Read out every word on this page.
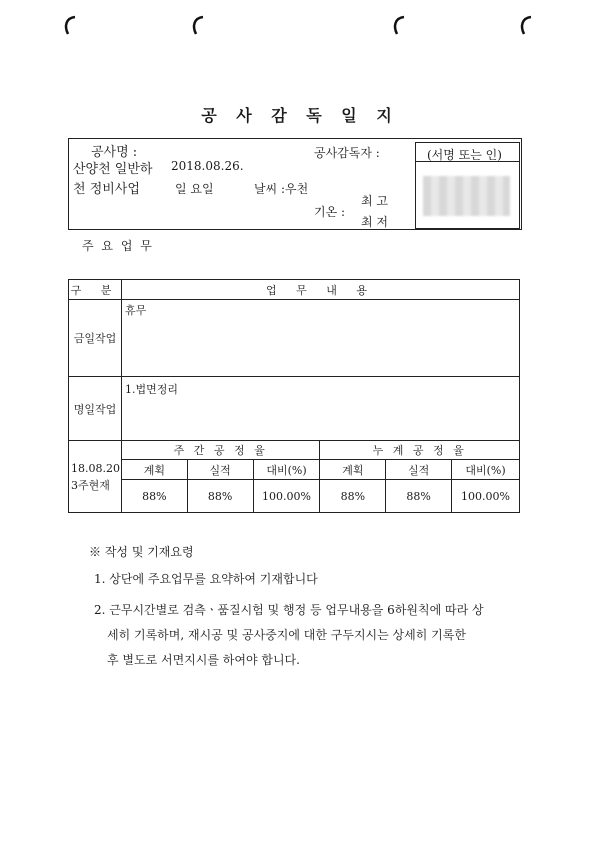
공 사 감 독 일 지
공사명 :
산양천 일반하
천 정비사업
2018.08.26.
일 요일	날씨 :우천
공사감독자 :	(서명 또는 인)
기온 :
최 고
최 저
주 요 업 무
구 분	업 무 내 용					
금일작업	휴무					
명일작업	1.법면정리					

18.08.20
3주현재	주 간 공 정 율			누 계 공 정 율		
	계획	실적	대비(%)	계획	실적	대비(%)
	88%	88%	100.00%	88%	88%	100.00%
※ 작성 및 기재요령
1. 상단에 주요업무를 요약하여 기재합니다
2. 근무시간별로 검측ㆍ품질시험 및 행정 등 업무내용을 6하원칙에 따라 상
세히 기록하며, 재시공 및 공사중지에 대한 구두지시는 상세히 기록한
후 별도로 서면지시를 하여야 합니다.
